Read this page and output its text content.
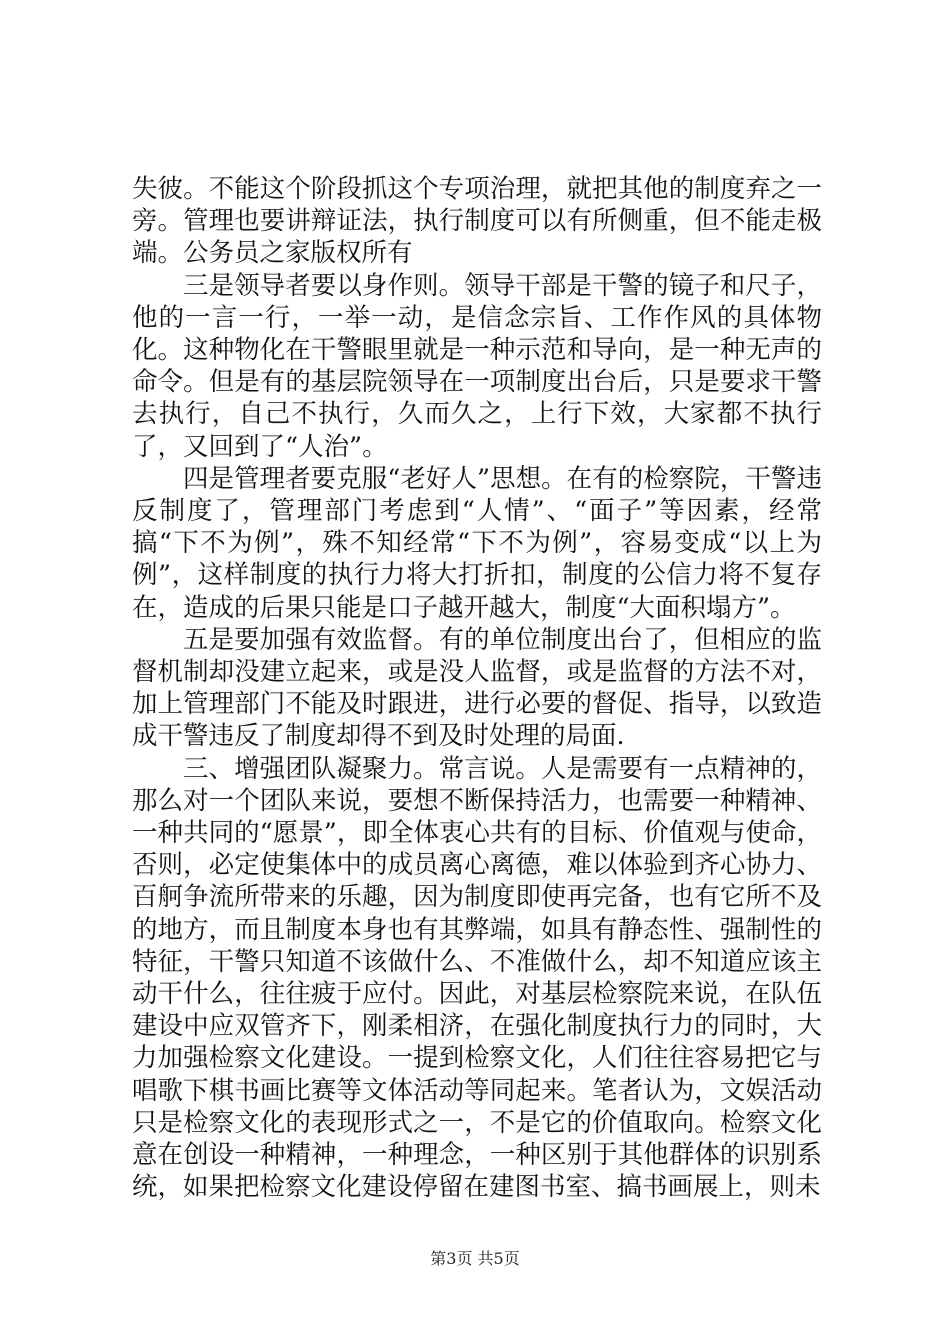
失彼。不能这个阶段抓这个专项治理，就把其他的制度弃之一旁。管理也要讲辩证法，执行制度可以有所侧重，但不能走极端。公务员之家版权所有

三是领导者要以身作则。领导干部是干警的镜子和尺子，他的一言一行，一举一动，是信念宗旨、工作作风的具体物化。这种物化在干警眼里就是一种示范和导向，是一种无声的命令。但是有的基层院领导在一项制度出台后，只是要求干警去执行，自己不执行，久而久之，上行下效，大家都不执行了，又回到了“人治”。

四是管理者要克服“老好人”思想。在有的检察院，干警违反制度了，管理部门考虑到“人情”、“面子”等因素，经常搞“下不为例”，殊不知经常“下不为例”，容易变成“以上为例”，这样制度的执行力将大打折扣，制度的公信力将不复存在，造成的后果只能是口子越开越大，制度“大面积塌方”。

五是要加强有效监督。有的单位制度出台了，但相应的监督机制却没建立起来，或是没人监督，或是监督的方法不对，加上管理部门不能及时跟进，进行必要的督促、指导，以致造成干警违反了制度却得不到及时处理的局面.

三、增强团队凝聚力。常言说。人是需要有一点精神的，那么对一个团队来说，要想不断保持活力，也需要一种精神、一种共同的“愿景”，即全体衷心共有的目标、价值观与使命，否则，必定使集体中的成员离心离德，难以体验到齐心协力、百舸争流所带来的乐趣，因为制度即使再完备，也有它所不及的地方，而且制度本身也有其弊端，如具有静态性、强制性的特征，干警只知道不该做什么、不准做什么，却不知道应该主动干什么，往往疲于应付。因此，对基层检察院来说，在队伍建设中应双管齐下，刚柔相济，在强化制度执行力的同时，大力加强检察文化建设。一提到检察文化，人们往往容易把它与唱歌下棋书画比赛等文体活动等同起来。笔者认为，文娱活动只是检察文化的表现形式之一，不是它的价值取向。检察文化意在创设一种精神，一种理念，一种区别于其他群体的识别系统，如果把检察文化建设停留在建图书室、搞书画展上，则未

第3页 共5页
